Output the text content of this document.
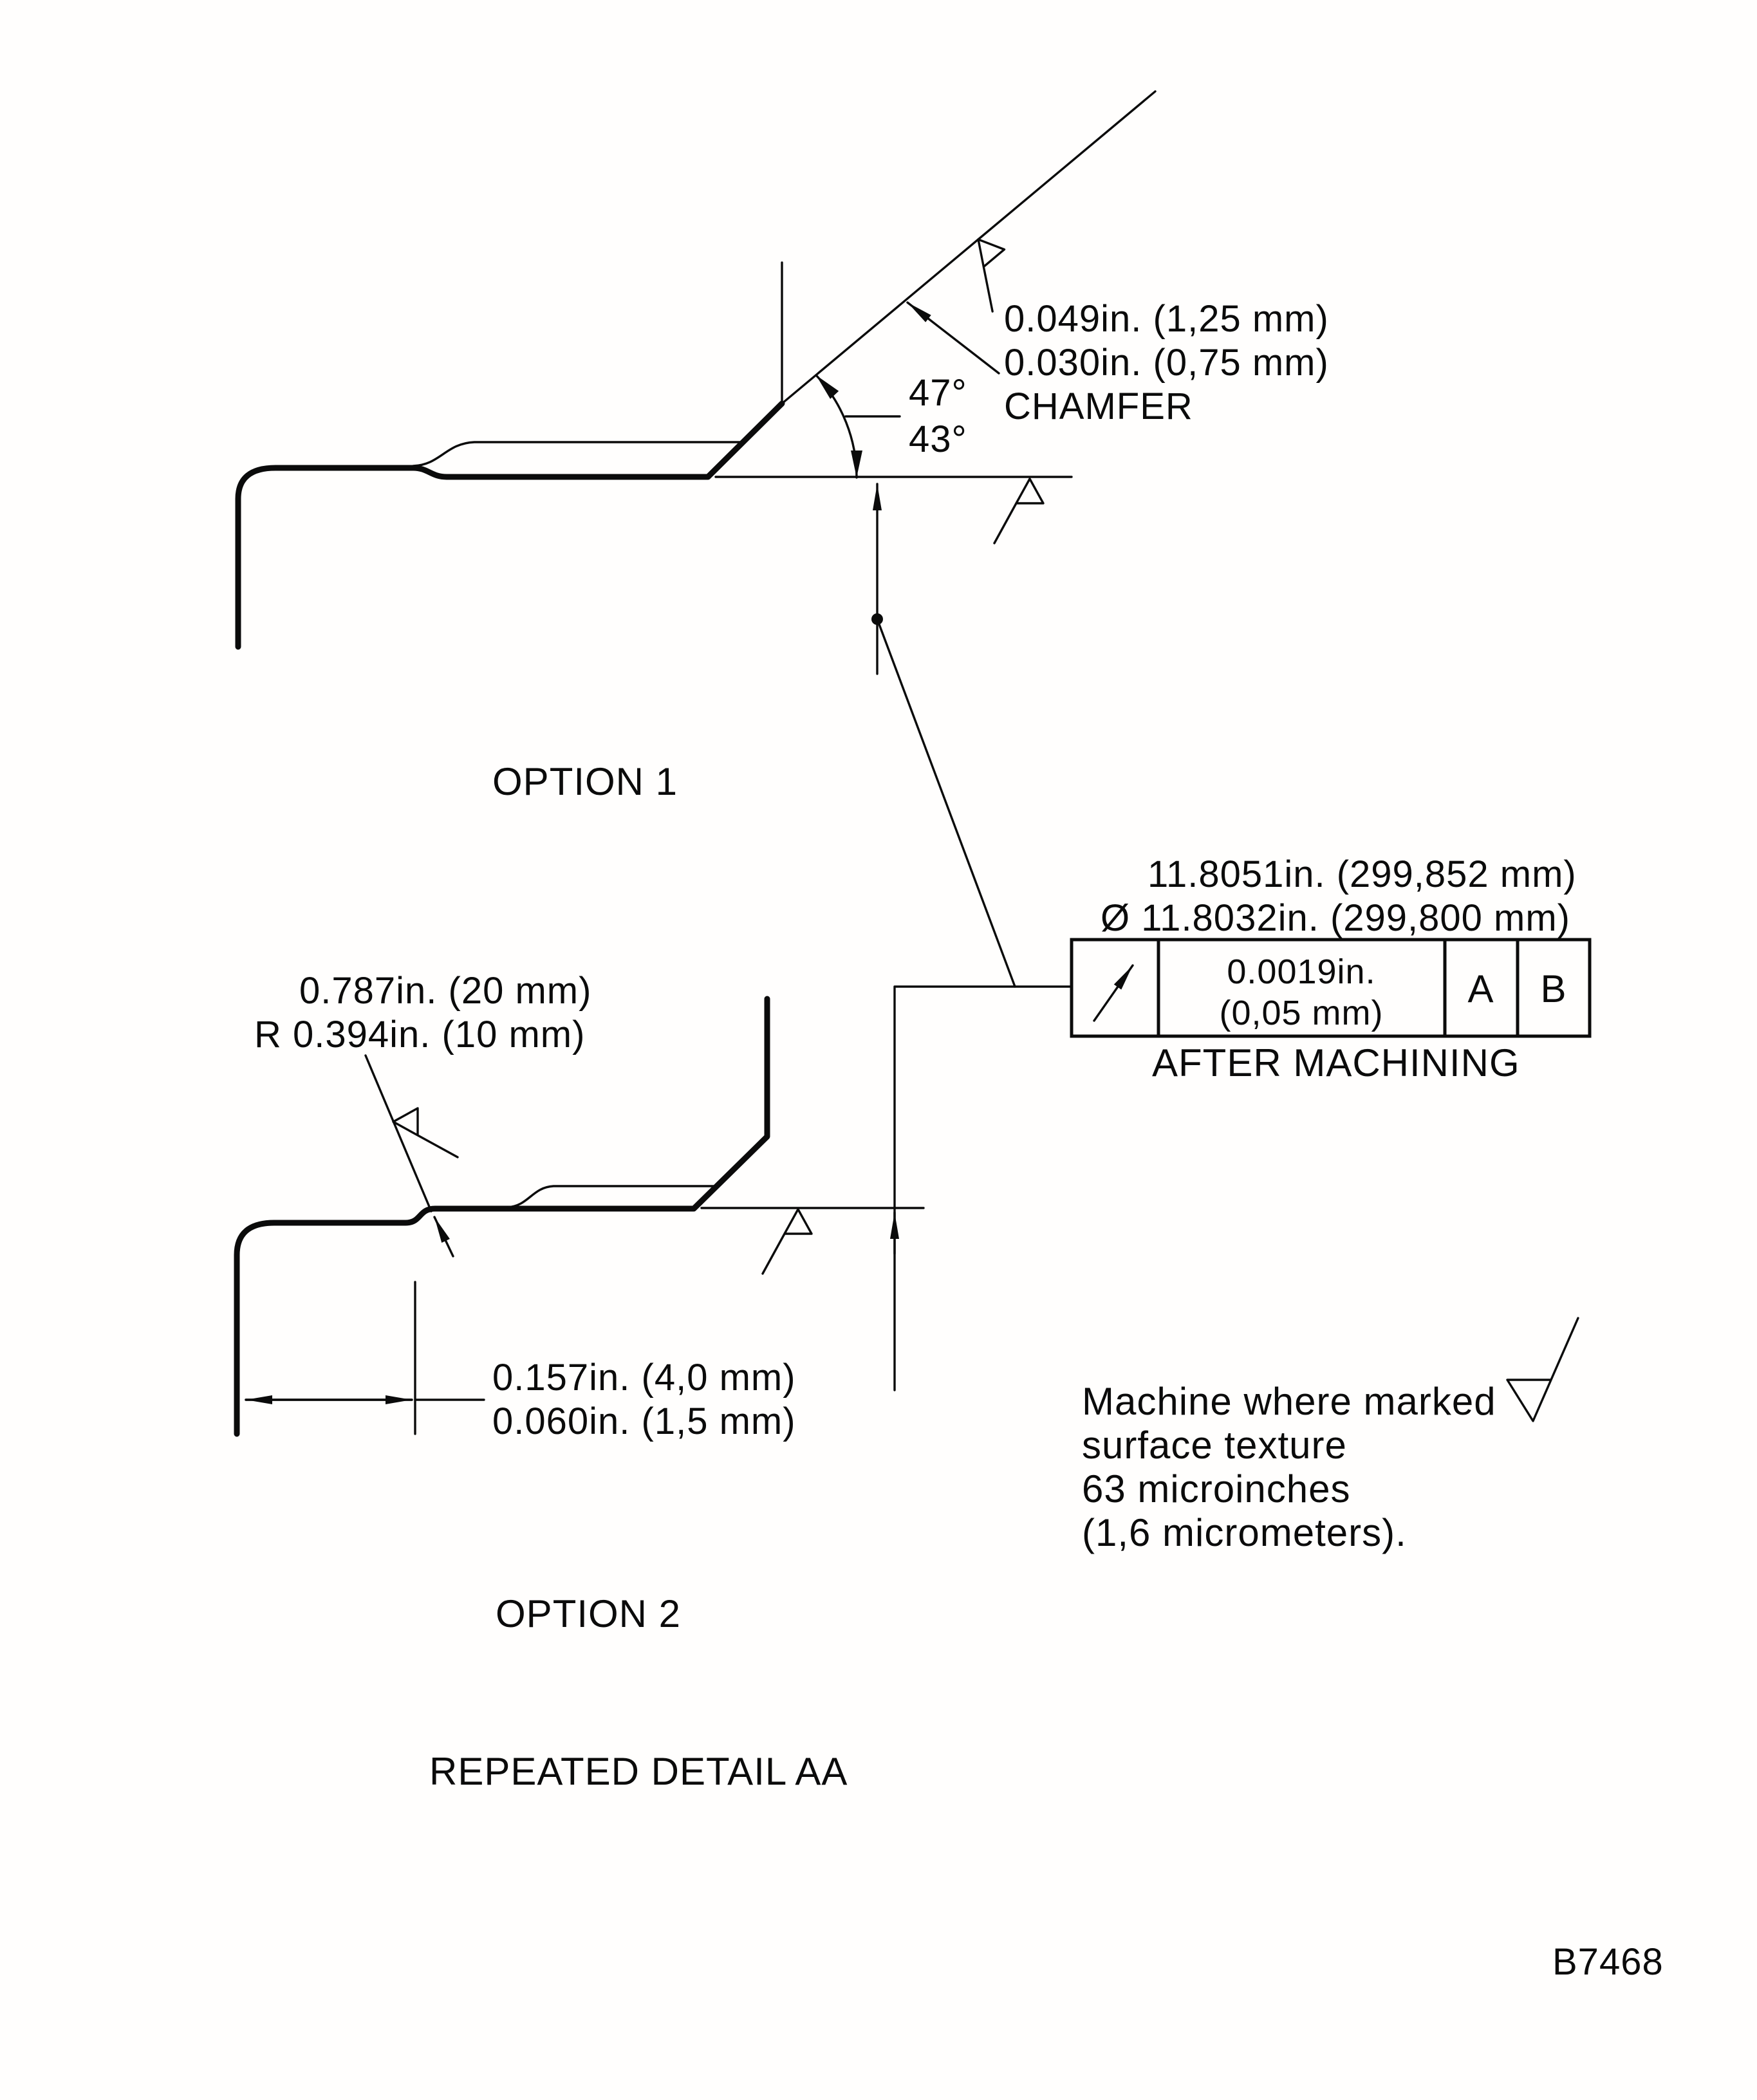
0.049in. (1,25 mm)
0.030in. (0,75 mm)
CHAMFER
47°
43°
OPTION 1
11.8051in. (299,852 mm)
Ø 11.8032in. (299,800 mm)
0.0019in.
(0,05 mm)
A B
AFTER MACHINING
0.787in. (20 mm)
R 0.394in. (10 mm)
0.157in. (4,0 mm)
0.060in. (1,5 mm)	Machine where marked
surface texture
63 microinches
(1,6 micrometers).
OPTION 2
REPEATED DETAIL AA
B7468
